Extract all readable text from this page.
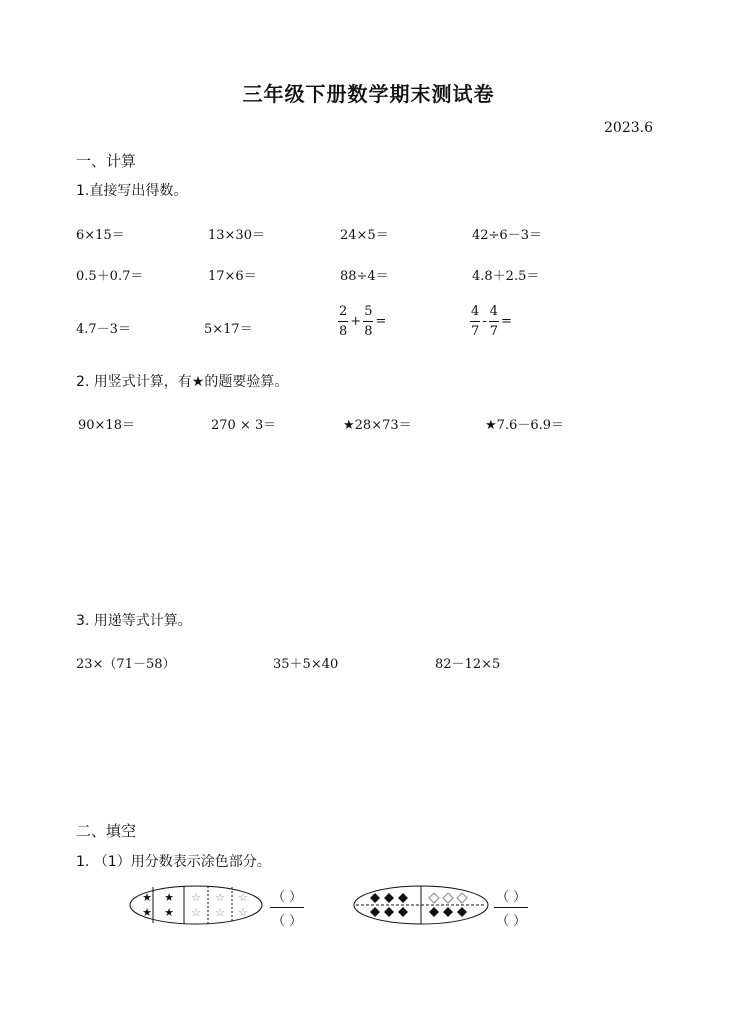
三年级下册数学期末测试卷
2023.6
一、计算
1.直接写出得数。
6×15＝	13×30＝	24×5＝	42÷6－3＝
0.5＋0.7＝	17×6＝	88÷4＝	4.8＋2.5＝
4.7－3＝	5×17＝	$\frac{2}{8} + \frac{5}{8}$ =	$\frac{4}{7} - \frac{4}{7}$ =
2. 用竖式计算，有★的题要验算。
90×18＝	270 × 3＝	★28×73＝	★7.6－6.9＝
3. 用递等式计算。
23×（71－58）	35＋5×40	82－12×5
二、填空
1. （1）用分数表示涂色部分。
★
★
★
★
☆
☆
☆
☆
☆
☆
（ ）
（ ）
（ ）
（ ）
